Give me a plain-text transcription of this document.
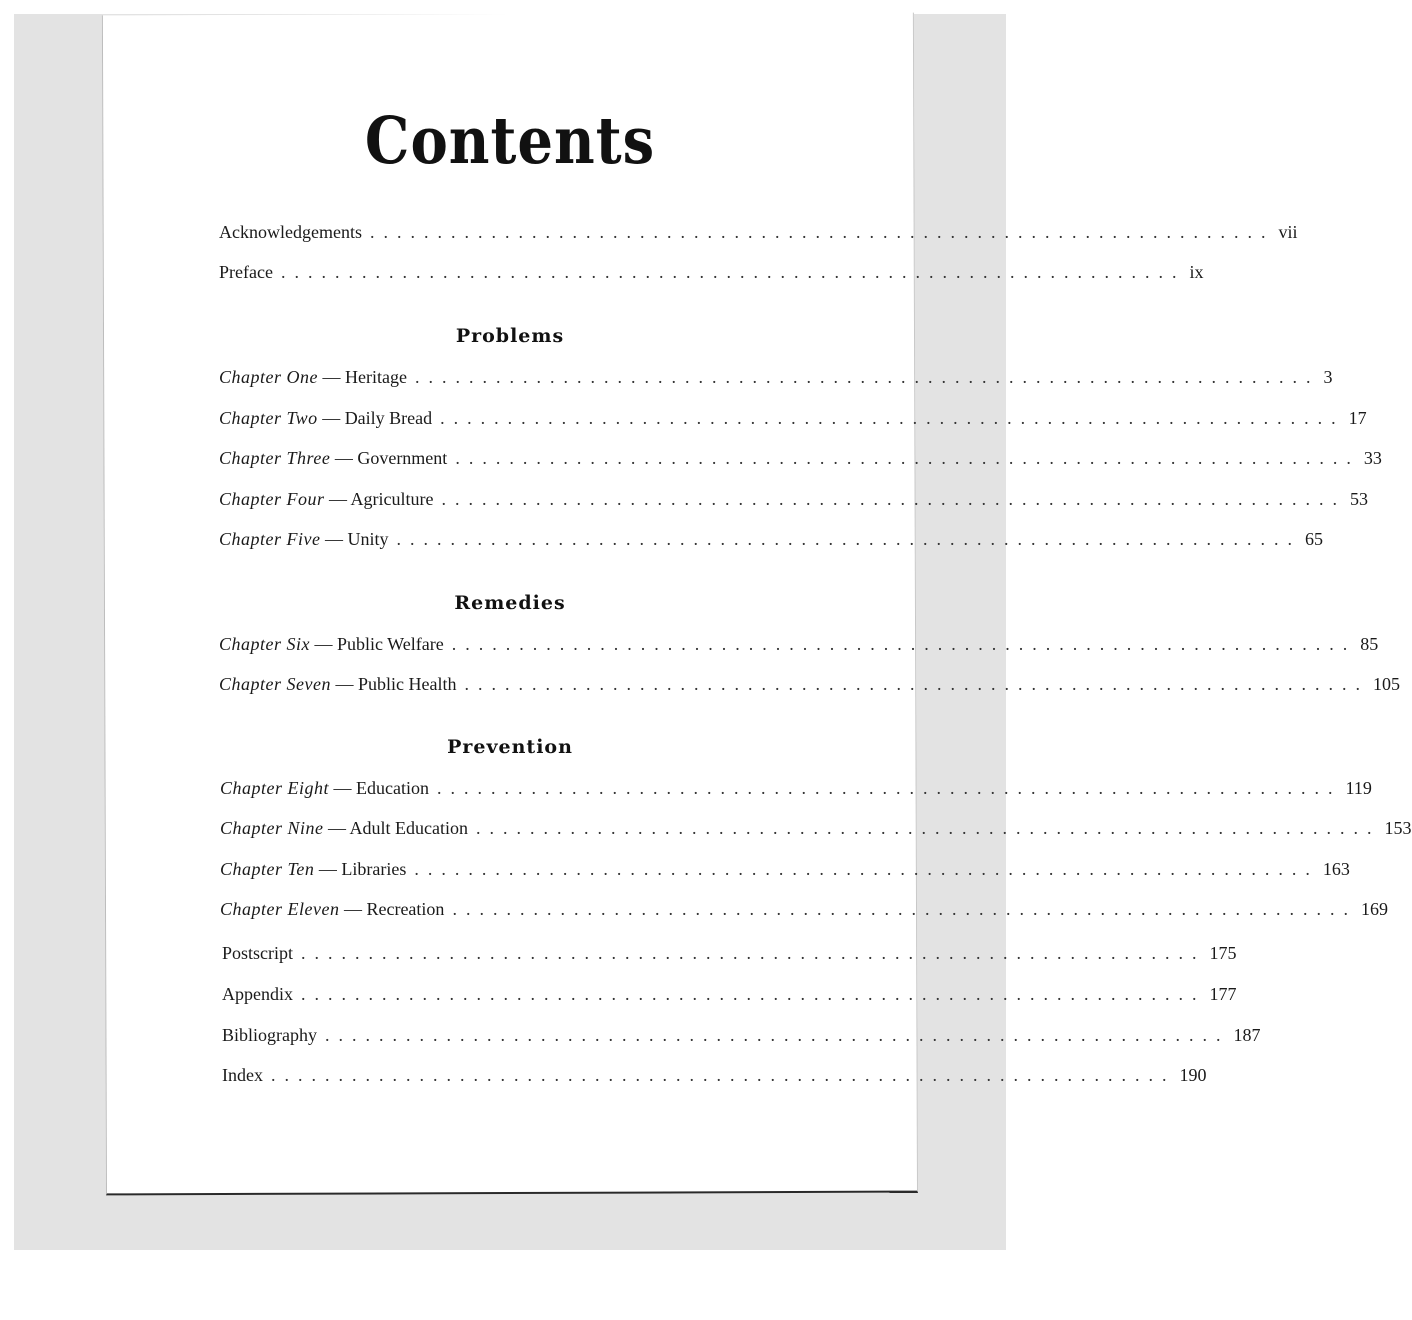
Contents
Acknowledgements ................................................................... vii
Preface ................................................................... ix
Problems
Chapter One — Heritage ................................................................... 3
Chapter Two — Daily Bread ................................................................... 17
Chapter Three — Government ................................................................... 33
Chapter Four — Agriculture ................................................................... 53
Chapter Five — Unity ................................................................... 65
Remedies
Chapter Six — Public Welfare ................................................................... 85
Chapter Seven — Public Health ................................................................... 105
Prevention
Chapter Eight — Education ................................................................... 119
Chapter Nine — Adult Education ................................................................... 153
Chapter Ten — Libraries ................................................................... 163
Chapter Eleven — Recreation ................................................................... 169
Postscript ................................................................... 175
Appendix ................................................................... 177
Bibliography ................................................................... 187
Index ................................................................... 190
